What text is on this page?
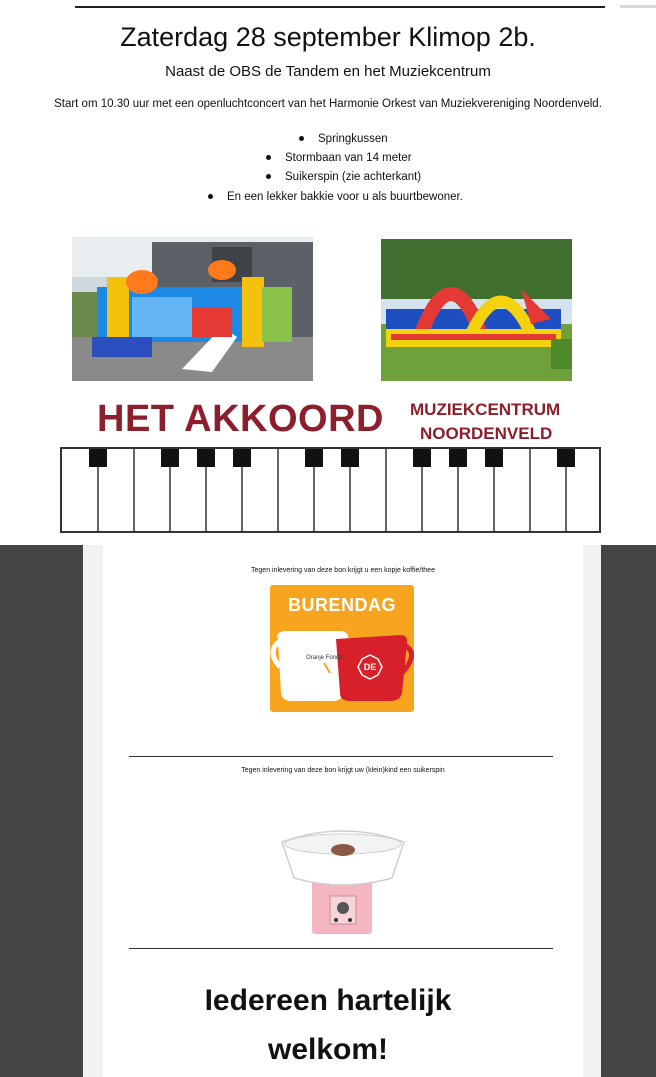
Zaterdag 28 september Klimop 2b.
Naast de OBS de Tandem en het Muziekcentrum
Start om 10.30 uur met een openluchtconcert van het Harmonie Orkest van Muziekvereniging Noordenveld.
Springkussen
Stormbaan van 14 meter
Suikerspin (zie achterkant)
En een lekker bakkie voor u als buurtbewoner.
HET AKKOORD MUZIEKCENTRUM
NOORDENVELD
Tegen inlevering van deze bon krijgt u een kopje koffie/thee
BURENDAG
DE
Oranje Fonds
Tegen inlevering van deze bon krijgt uw (klein)kind een suikerspin
Iedereen hartelijk
welkom!
